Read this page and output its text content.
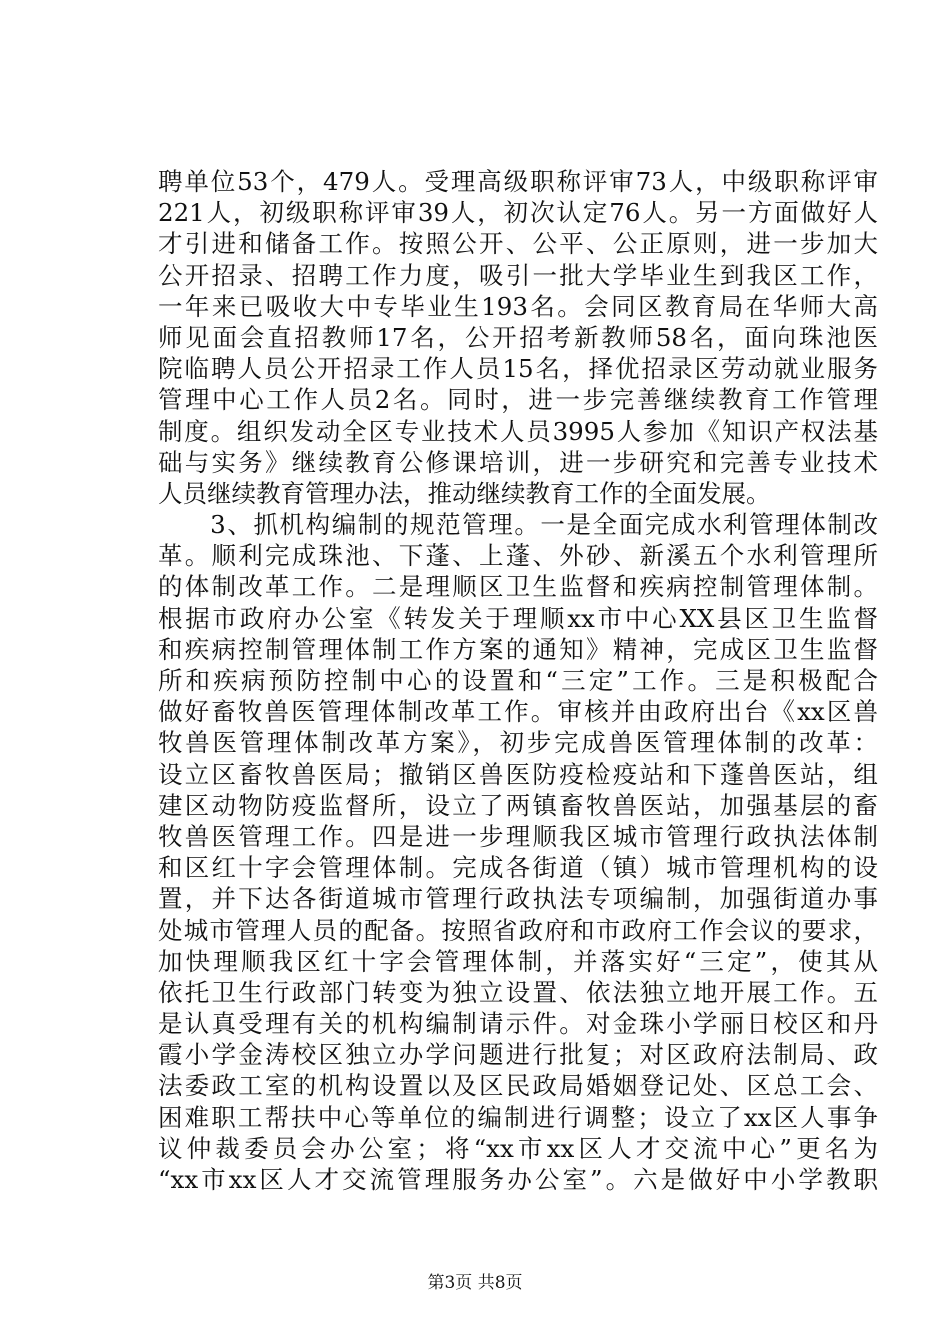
聘单位53个，479人。受理高级职称评审73人，中级职称评审
221人，初级职称评审39人，初次认定76人。另一方面做好人
才引进和储备工作。按照公开、公平、公正原则，进一步加大
公开招录、招聘工作力度，吸引一批大学毕业生到我区工作，
一年来已吸收大中专毕业生193名。会同区教育局在华师大高
师见面会直招教师17名，公开招考新教师58名，面向珠池医
院临聘人员公开招录工作人员15名，择优招录区劳动就业服务
管理中心工作人员2名。同时，进一步完善继续教育工作管理
制度。组织发动全区专业技术人员3995人参加《知识产权法基
础与实务》继续教育公修课培训，进一步研究和完善专业技术
人员继续教育管理办法，推动继续教育工作的全面发展。
　　3、抓机构编制的规范管理。一是全面完成水利管理体制改
革。顺利完成珠池、下蓬、上蓬、外砂、新溪五个水利管理所
的体制改革工作。二是理顺区卫生监督和疾病控制管理体制。
根据市政府办公室《转发关于理顺xx市中心XX县区卫生监督
和疾病控制管理体制工作方案的通知》精神，完成区卫生监督
所和疾病预防控制中心的设置和“三定”工作。三是积极配合
做好畜牧兽医管理体制改革工作。审核并由政府出台《xx区兽
牧兽医管理体制改革方案》，初步完成兽医管理体制的改革：
设立区畜牧兽医局；撤销区兽医防疫检疫站和下蓬兽医站，组
建区动物防疫监督所，设立了两镇畜牧兽医站，加强基层的畜
牧兽医管理工作。四是进一步理顺我区城市管理行政执法体制
和区红十字会管理体制。完成各街道（镇）城市管理机构的设
置，并下达各街道城市管理行政执法专项编制，加强街道办事
处城市管理人员的配备。按照省政府和市政府工作会议的要求，
加快理顺我区红十字会管理体制，并落实好“三定”，使其从
依托卫生行政部门转变为独立设置、依法独立地开展工作。五
是认真受理有关的机构编制请示件。对金珠小学丽日校区和丹
霞小学金涛校区独立办学问题进行批复；对区政府法制局、政
法委政工室的机构设置以及区民政局婚姻登记处、区总工会、
困难职工帮扶中心等单位的编制进行调整；设立了xx区人事争
议仲裁委员会办公室；将“xx市xx区人才交流中心”更名为
“xx市xx区人才交流管理服务办公室”。六是做好中小学教职
第3页 共8页
